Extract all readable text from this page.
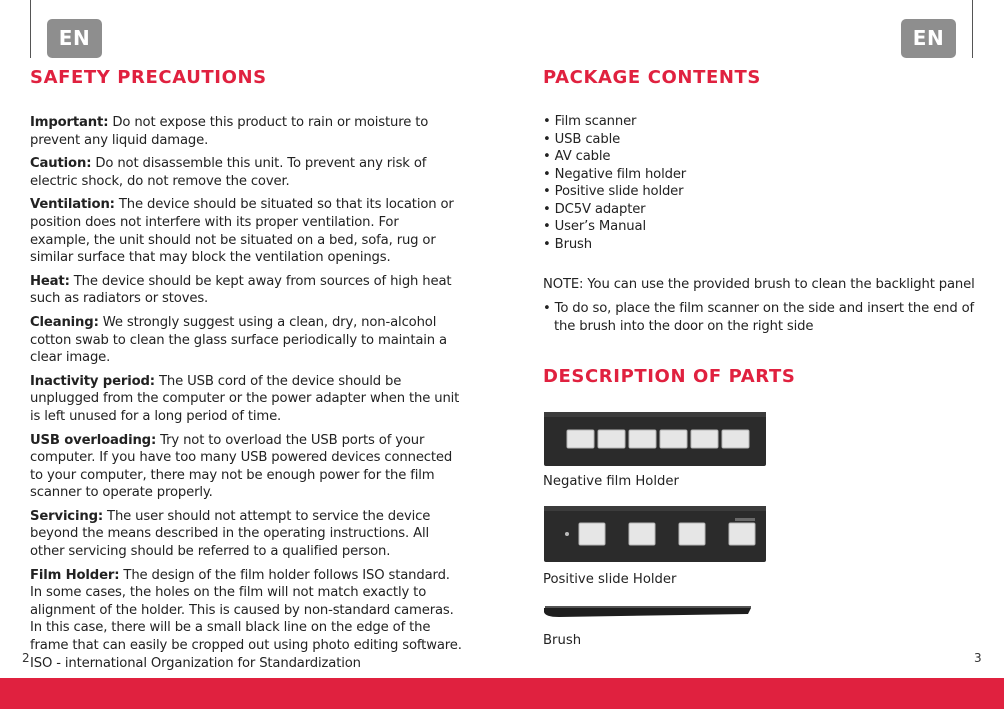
EN	EN
SAFETY PRECAUTIONS

Important: Do not expose this product to rain or moisture to prevent any liquid damage.

Caution: Do not disassemble this unit. To prevent any risk of electric shock, do not remove the cover.

Ventilation: The device should be situated so that its location or position does not interfere with its proper ventilation. For example, the unit should not be situated on a bed, sofa, rug or similar surface that may block the ventilation openings.

Heat: The device should be kept away from sources of high heat such as radiators or stoves.

Cleaning: We strongly suggest using a clean, dry, non-alcohol cotton swab to clean the glass surface periodically to maintain a clear image.

Inactivity period: The USB cord of the device should be unplugged from the computer or the power adapter when the unit is left unused for a long period of time.

USB overloading: Try not to overload the USB ports of your computer. If you have too many USB powered devices connected to your computer, there may not be enough power for the film scanner to operate properly.

Servicing: The user should not attempt to service the device beyond the means described in the operating instructions. All other servicing should be referred to a qualified person.

Film Holder: The design of the film holder follows ISO standard.
In some cases, the holes on the film will not match exactly to alignment of the holder. This is caused by non-standard cameras.
In this case, there will be a small black line on the edge of the frame that can easily be cropped out using photo editing software.
ISO - international Organization for Standardization

2
PACKAGE CONTENTS
• Film scanner
• USB cable
• AV cable
• Negative film holder
• Positive slide holder
• DC5V adapter
• User’s Manual
• Brush

NOTE: You can use the provided brush to clean the backlight panel

• To do so, place the film scanner on the side and insert the end of the brush into the door on the right side

DESCRIPTION OF PARTS

Negative film Holder

Positive slide Holder

Brush

3
